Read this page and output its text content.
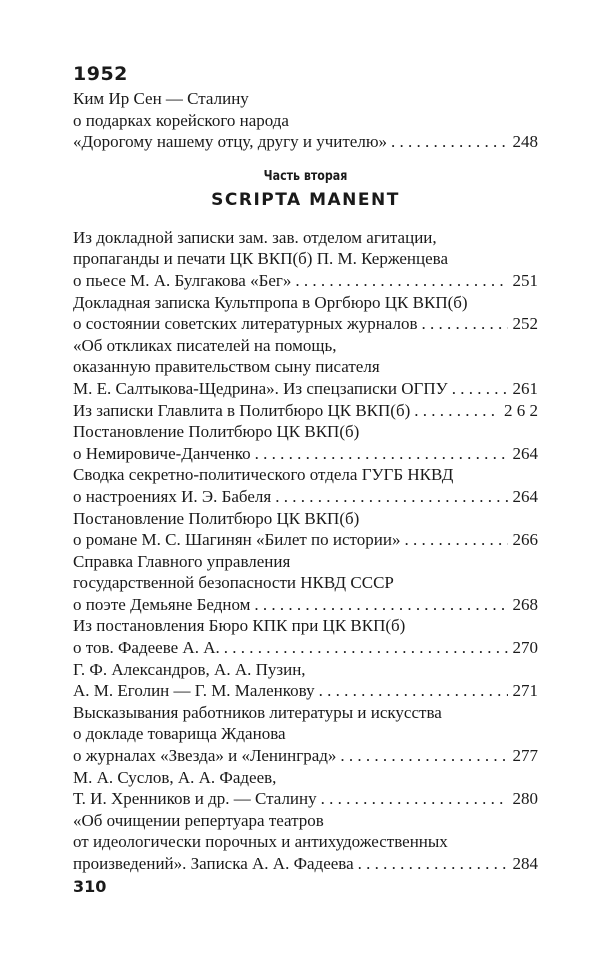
1952
Ким Ир Сен — Сталину
о подарках корейского народа
«Дорогому нашему отцу, другу и учителю» . . .	248
Часть вторая
SCRIPTA MANENT
Из докладной записки зам. зав. отделом агитации,
пропаганды и печати ЦК ВКП(б) П. М. Керженцева
о пьесе М. А. Булгакова «Бег» . . .	251
Докладная записка Культпропа в Оргбюро ЦК ВКП(б)
о состоянии советских литературных журналов . . .	252
«Об откликах писателей на помощь,
оказанную правительством сыну писателя
М. Е. Салтыкова-Щедрина». Из спецзаписки ОГПУ . . .	261
Из записки Главлита в Политбюро ЦК ВКП(б) . . .	2 6 2
Постановление Политбюро ЦК ВКП(б)
о Немировиче-Данченко . . .	264
Сводка секретно-политического отдела ГУГБ НКВД
о настроениях И. Э. Бабеля . . .	264
Постановление Политбюро ЦК ВКП(б)
о романе М. С. Шагинян «Билет по истории» . . .	266
Справка Главного управления
государственной безопасности НКВД СССР
о поэте Демьяне Бедном . . .	268
Из постановления Бюро КПК при ЦК ВКП(б)
о тов. Фадееве А. А. . . .	270
Г. Ф. Александров, А. А. Пузин,
А. М. Еголин — Г. М. Маленкову . . .	271
Высказывания работников литературы и искусства
о докладе товарища Жданова
о журналах «Звезда» и «Ленинград» . . .	277
М. А. Суслов, А. А. Фадеев,
Т. И. Хренников и др. — Сталину . . .	280
«Об очищении репертуара театров
от идеологически порочных и антихудожественных
произведений». Записка А. А. Фадеева . . .	284
310
